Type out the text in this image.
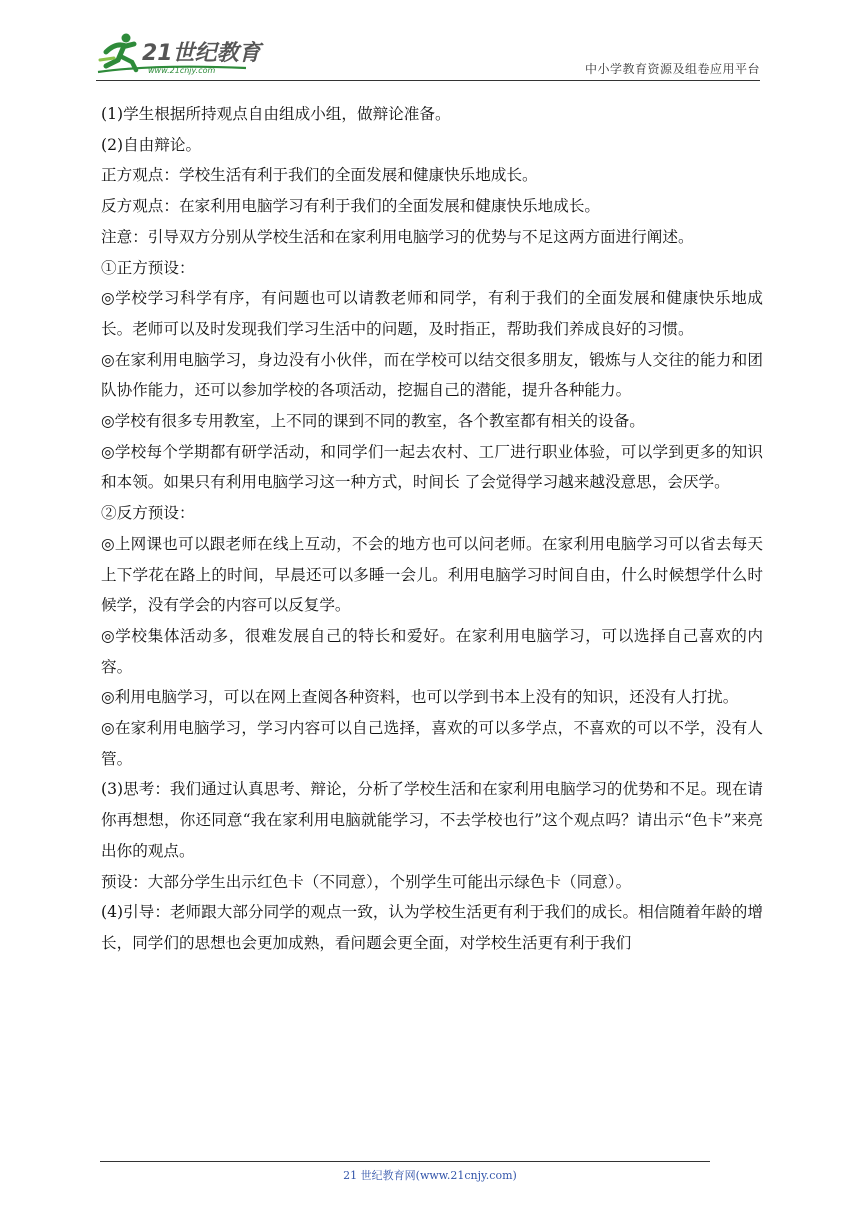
21世纪教育
www.21cnjy.com	中小学教育资源及组卷应用平台

(1)学生根据所持观点自由组成小组，做辩论准备。

(2)自由辩论。

正方观点：学校生活有利于我们的全面发展和健康快乐地成长。

反方观点：在家利用电脑学习有利于我们的全面发展和健康快乐地成长。

注意：引导双方分别从学校生活和在家利用电脑学习的优势与不足这两方面进行阐述。

①正方预设：

◎学校学习科学有序，有问题也可以请教老师和同学，有利于我们的全面发展和健康快乐地成长。老师可以及时发现我们学习生活中的问题，及时指正，帮助我们养成良好的习惯。

◎在家利用电脑学习，身边没有小伙伴，而在学校可以结交很多朋友，锻炼与人交往的能力和团队协作能力，还可以参加学校的各项活动，挖掘自己的潜能，提升各种能力。

◎学校有很多专用教室，上不同的课到不同的教室，各个教室都有相关的设备。

◎学校每个学期都有研学活动，和同学们一起去农村、工厂进行职业体验，可以学到更多的知识和本领。如果只有利用电脑学习这一种方式，时间长 了会觉得学习越来越没意思，会厌学。

②反方预设：

◎上网课也可以跟老师在线上互动，不会的地方也可以问老师。在家利用电脑学习可以省去每天上下学花在路上的时间，早晨还可以多睡一会儿。利用电脑学习时间自由，什么时候想学什么时候学，没有学会的内容可以反复学。

◎学校集体活动多，很难发展自己的特长和爱好。在家利用电脑学习，可以选择自己喜欢的内容。

◎利用电脑学习，可以在网上查阅各种资料，也可以学到书本上没有的知识，还没有人打扰。

◎在家利用电脑学习，学习内容可以自己选择，喜欢的可以多学点，不喜欢的可以不学，没有人管。

(3)思考：我们通过认真思考、辩论，分析了学校生活和在家利用电脑学习的优势和不足。现在请你再想想，你还同意“我在家利用电脑就能学习，不去学校也行”这个观点吗？请出示“色卡”来亮出你的观点。

预设：大部分学生出示红色卡（不同意），个别学生可能出示绿色卡（同意）。

(4)引导：老师跟大部分同学的观点一致，认为学校生活更有利于我们的成长。相信随着年龄的增长，同学们的思想也会更加成熟，看问题会更全面，对学校生活更有利于我们

21 世纪教育网(www.21cnjy.com)
